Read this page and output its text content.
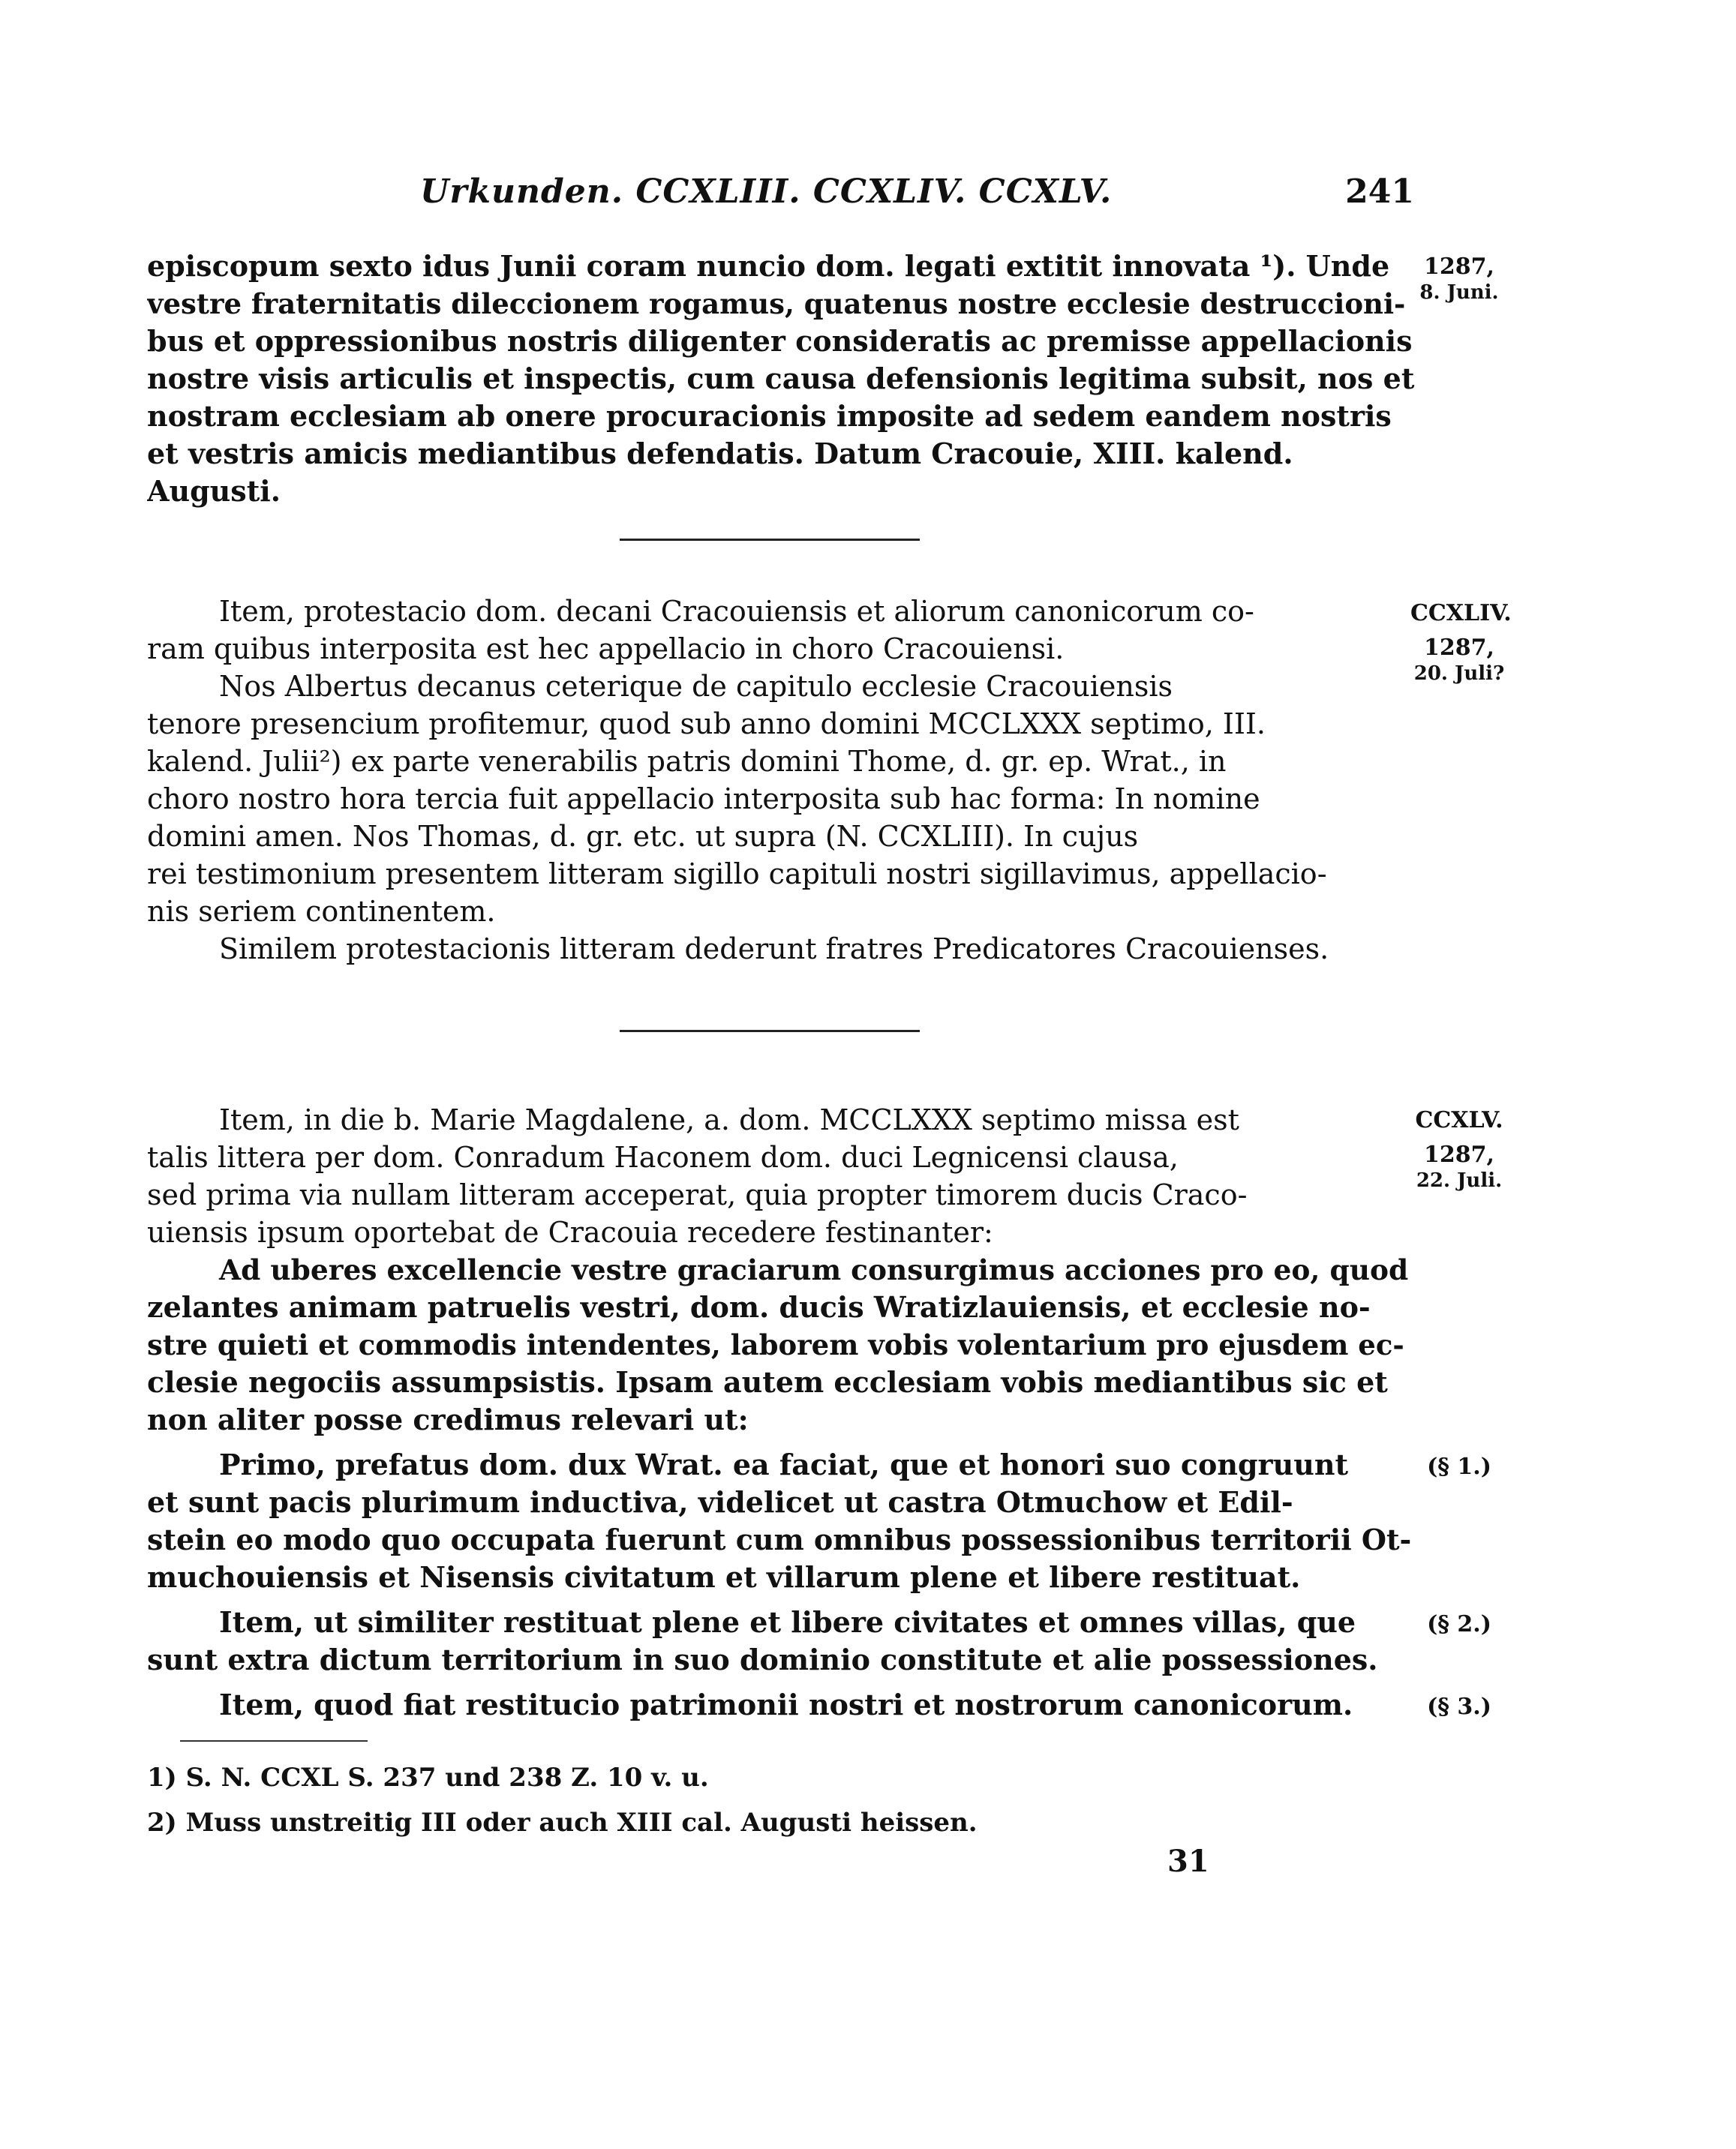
Urkunden. CCXLIII. CCXLIV. CCXLV.	241
episcopum sexto idus Junii coram nuncio dom. legati extitit innovata ¹). Unde
vestre fraternitatis dileccionem rogamus, quatenus nostre ecclesie destruccioni-
bus et oppressionibus nostris diligenter consideratis ac premisse appellacionis
nostre visis articulis et inspectis, cum causa defensionis legitima subsit, nos et
nostram ecclesiam ab onere procuracionis imposite ad sedem eandem nostris
et vestris amicis mediantibus defendatis. Datum Cracouie, XIII. kalend.
Augusti.
1287,
8. Juni.
Item, protestacio dom. decani Cracouiensis et aliorum canonicorum co-
ram quibus interposita est hec appellacio in choro Cracouiensi.
Nos Albertus decanus ceterique de capitulo ecclesie Cracouiensis
tenore presencium profitemur, quod sub anno domini MCCLXXX septimo, III.
kalend. Julii²) ex parte venerabilis patris domini Thome, d. gr. ep. Wrat., in
choro nostro hora tercia fuit appellacio interposita sub hac forma: In nomine
domini amen. Nos Thomas, d. gr. etc. ut supra (N. CCXLIII). In cujus
rei testimonium presentem litteram sigillo capituli nostri sigillavimus, appellacio-
nis seriem continentem.
Similem protestacionis litteram dederunt fratres Predicatores Cracouienses.
CCXLIV.
1287,
20. Juli?
Item, in die b. Marie Magdalene, a. dom. MCCLXXX septimo missa est
talis littera per dom. Conradum Haconem dom. duci Legnicensi clausa,
sed prima via nullam litteram acceperat, quia propter timorem ducis Craco-
uiensis ipsum oportebat de Cracouia recedere festinanter:
Ad uberes excellencie vestre graciarum consurgimus acciones pro eo, quod
zelantes animam patruelis vestri, dom. ducis Wratizlauiensis, et ecclesie no-
stre quieti et commodis intendentes, laborem vobis volentarium pro ejusdem ec-
clesie negociis assumpsistis. Ipsam autem ecclesiam vobis mediantibus sic et
non aliter posse credimus relevari ut:
Primo, prefatus dom. dux Wrat. ea faciat, que et honori suo congruunt
et sunt pacis plurimum inductiva, videlicet ut castra Otmuchow et Edil-
stein eo modo quo occupata fuerunt cum omnibus possessionibus territorii Ot-
muchouiensis et Nisensis civitatum et villarum plene et libere restituat.
Item, ut similiter restituat plene et libere civitates et omnes villas, que
sunt extra dictum territorium in suo dominio constitute et alie possessiones.
Item, quod fiat restitucio patrimonii nostri et nostrorum canonicorum.
CCXLV.
1287,
22. Juli.
(§ 1.)
(§ 2.)
(§ 3.)
1) S. N. CCXL S. 237 und 238 Z. 10 v. u.
2) Muss unstreitig III oder auch XIII cal. Augusti heissen.
31
